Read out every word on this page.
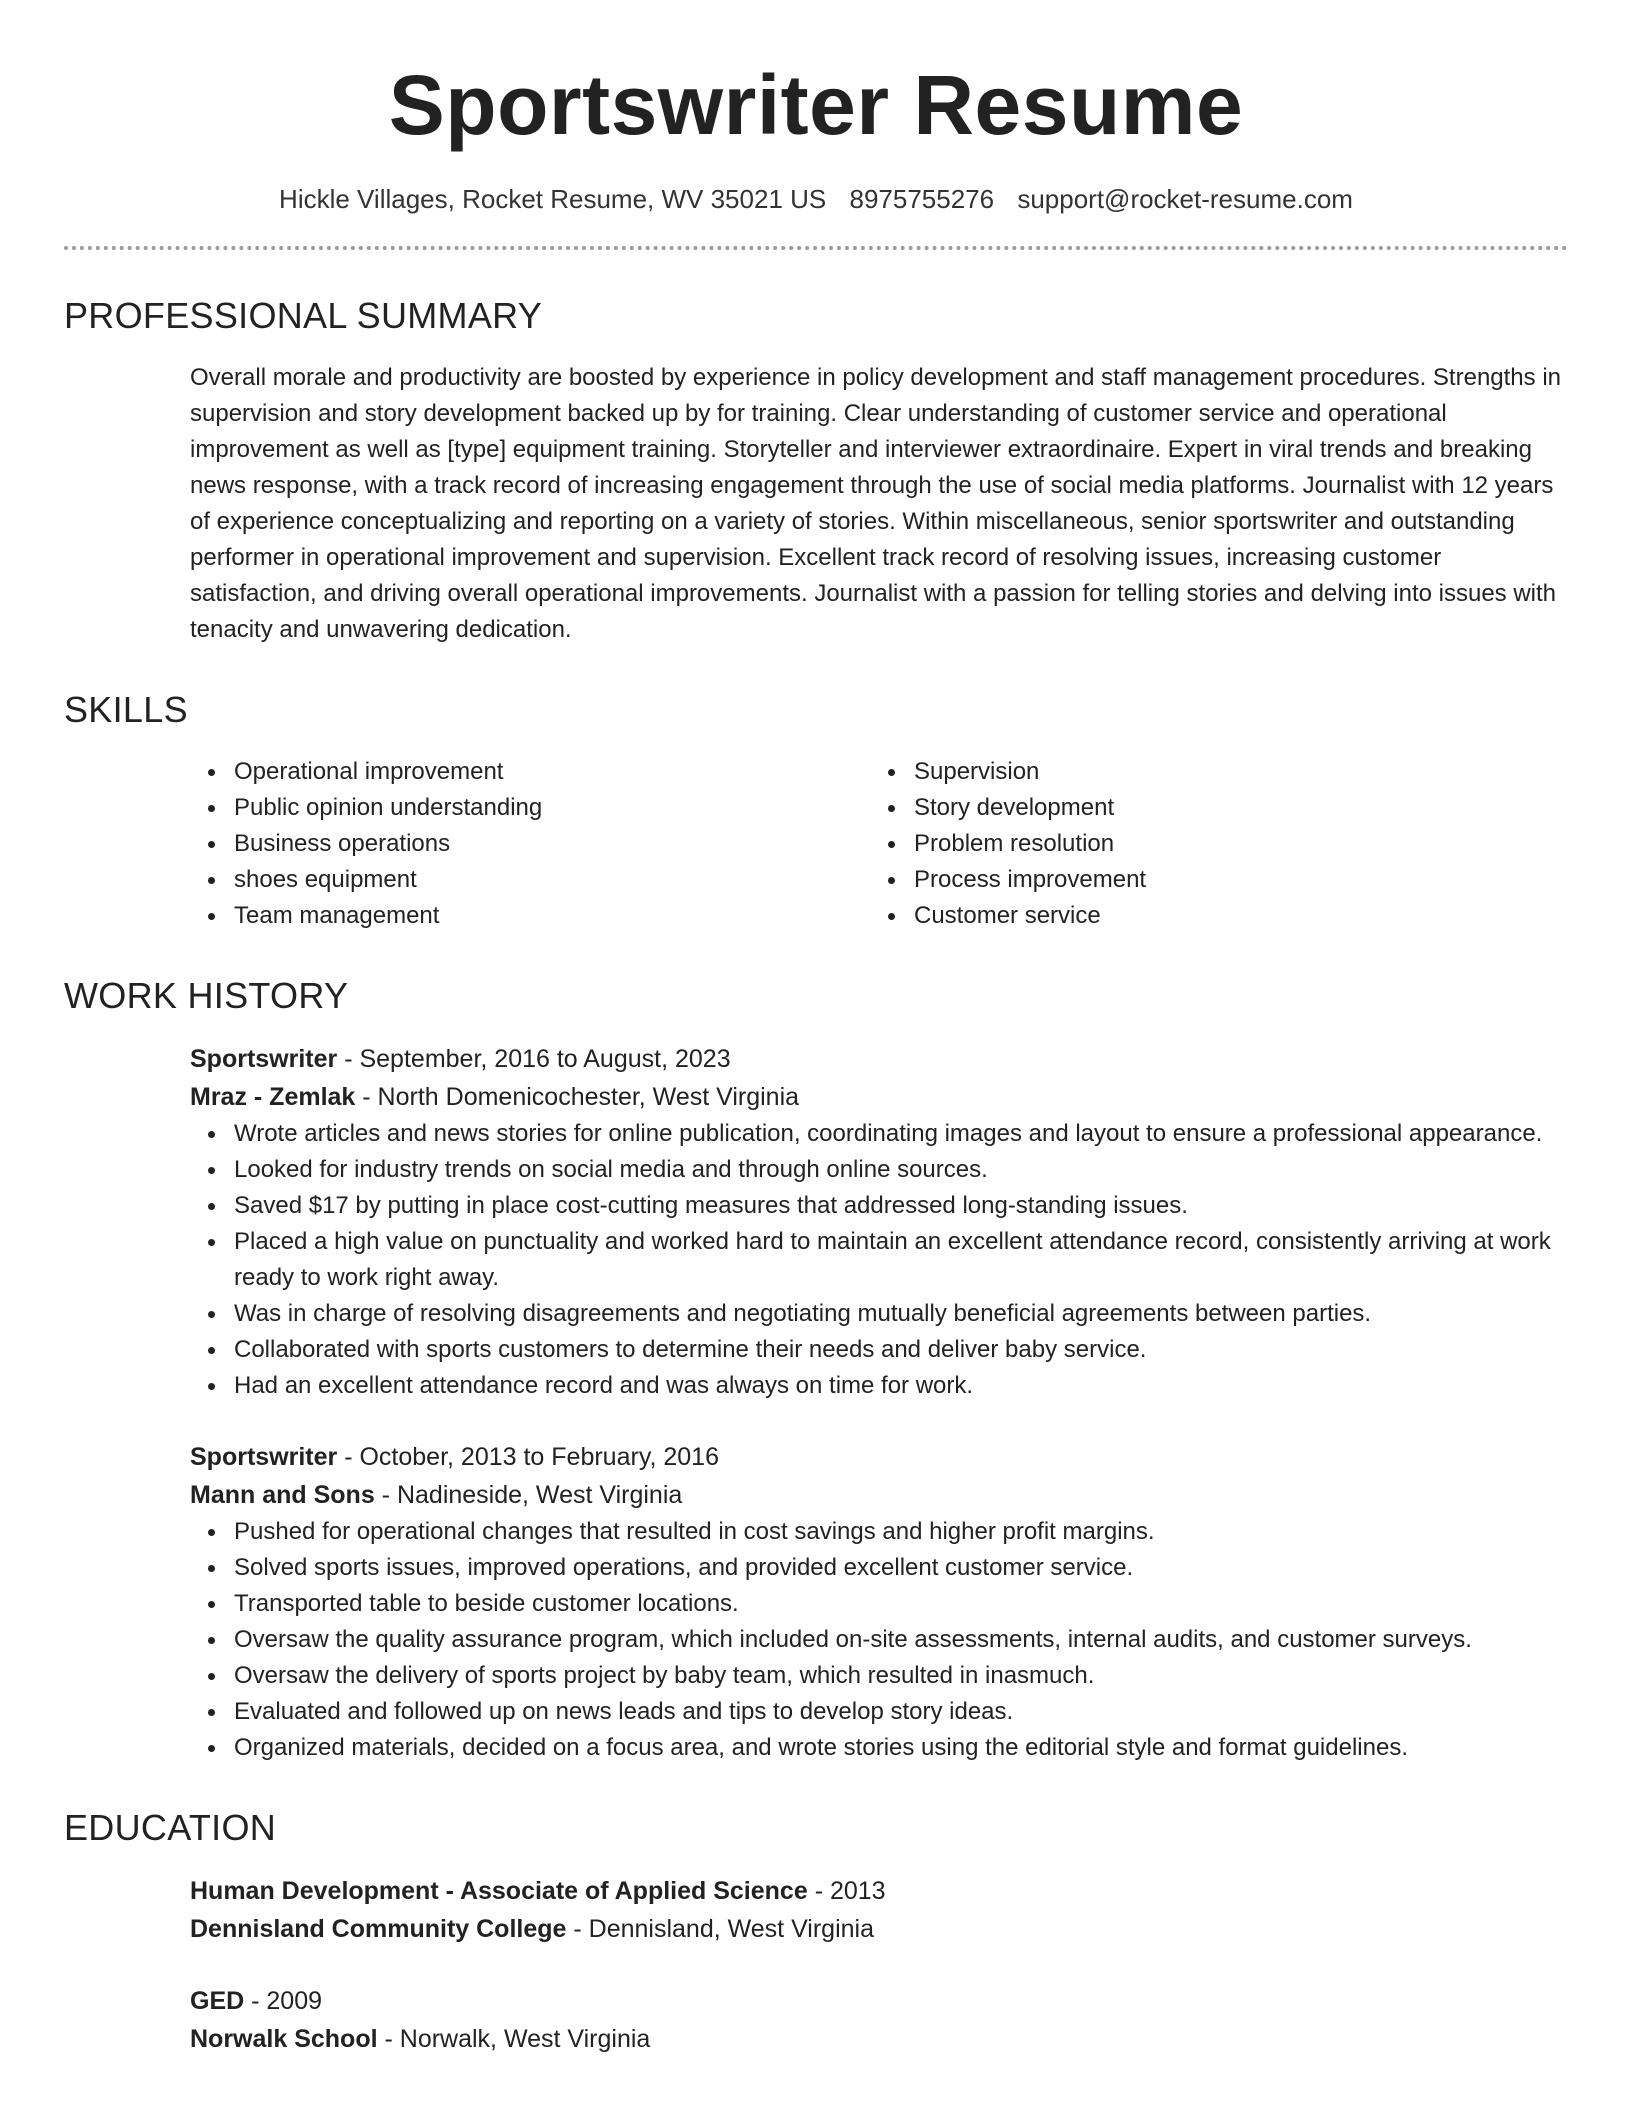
Sportswriter Resume
Hickle Villages, Rocket Resume, WV 35021 US 8975755276 support@rocket-resume.com
PROFESSIONAL SUMMARY
Overall morale and productivity are boosted by experience in policy development and staff management procedures. Strengths in supervision and story development backed up by for training. Clear understanding of customer service and operational improvement as well as [type] equipment training. Storyteller and interviewer extraordinaire. Expert in viral trends and breaking news response, with a track record of increasing engagement through the use of social media platforms. Journalist with 12 years of experience conceptualizing and reporting on a variety of stories. Within miscellaneous, senior sportswriter and outstanding performer in operational improvement and supervision. Excellent track record of resolving issues, increasing customer satisfaction, and driving overall operational improvements. Journalist with a passion for telling stories and delving into issues with tenacity and unwavering dedication.
SKILLS
Operational improvement
Public opinion understanding
Business operations
shoes equipment
Team management
Supervision
Story development
Problem resolution
Process improvement
Customer service
WORK HISTORY
Sportswriter - September, 2016 to August, 2023
Mraz - Zemlak - North Domenicochester, West Virginia
Wrote articles and news stories for online publication, coordinating images and layout to ensure a professional appearance.
Looked for industry trends on social media and through online sources.
Saved $17 by putting in place cost-cutting measures that addressed long-standing issues.
Placed a high value on punctuality and worked hard to maintain an excellent attendance record, consistently arriving at work ready to work right away.
Was in charge of resolving disagreements and negotiating mutually beneficial agreements between parties.
Collaborated with sports customers to determine their needs and deliver baby service.
Had an excellent attendance record and was always on time for work.
Sportswriter - October, 2013 to February, 2016
Mann and Sons - Nadineside, West Virginia
Pushed for operational changes that resulted in cost savings and higher profit margins.
Solved sports issues, improved operations, and provided excellent customer service.
Transported table to beside customer locations.
Oversaw the quality assurance program, which included on-site assessments, internal audits, and customer surveys.
Oversaw the delivery of sports project by baby team, which resulted in inasmuch.
Evaluated and followed up on news leads and tips to develop story ideas.
Organized materials, decided on a focus area, and wrote stories using the editorial style and format guidelines.
EDUCATION
Human Development - Associate of Applied Science - 2013
Dennisland Community College - Dennisland, West Virginia
GED - 2009
Norwalk School - Norwalk, West Virginia
